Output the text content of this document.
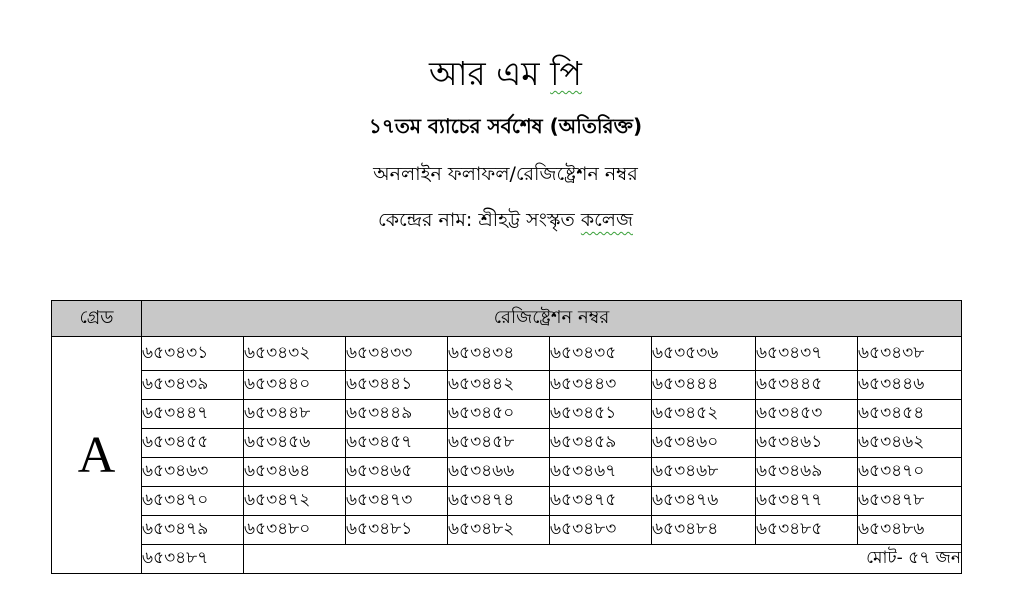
আর এম পি
১৭তম ব্যাচের সর্বশেষ (অতিরিক্ত)
অনলাইন ফলাফল/রেজিষ্ট্রেশন নম্বর
কেন্দ্রের নাম: শ্রীহট্ট সংস্কৃত কলেজ
গ্রেড	রেজিষ্ট্রেশন নম্বর							
A	৬৫৩৪৩১	৬৫৩৪৩২	৬৫৩৪৩৩	৬৫৩৪৩৪	৬৫৩৪৩৫	৬৫৩৫৩৬	৬৫৩৪৩৭	৬৫৩৪৩৮
	৬৫৩৪৩৯	৬৫৩৪৪০	৬৫৩৪৪১	৬৫৩৪৪২	৬৫৩৪৪৩	৬৫৩৪৪৪	৬৫৩৪৪৫	৬৫৩৪৪৬
	৬৫৩৪৪৭	৬৫৩৪৪৮	৬৫৩৪৪৯	৬৫৩৪৫০	৬৫৩৪৫১	৬৫৩৪৫২	৬৫৩৪৫৩	৬৫৩৪৫৪
	৬৫৩৪৫৫	৬৫৩৪৫৬	৬৫৩৪৫৭	৬৫৩৪৫৮	৬৫৩৪৫৯	৬৫৩৪৬০	৬৫৩৪৬১	৬৫৩৪৬২
	৬৫৩৪৬৩	৬৫৩৪৬৪	৬৫৩৪৬৫	৬৫৩৪৬৬	৬৫৩৪৬৭	৬৫৩৪৬৮	৬৫৩৪৬৯	৬৫৩৪৭০
	৬৫৩৪৭০	৬৫৩৪৭২	৬৫৩৪৭৩	৬৫৩৪৭৪	৬৫৩৪৭৫	৬৫৩৪৭৬	৬৫৩৪৭৭	৬৫৩৪৭৮
	৬৫৩৪৭৯	৬৫৩৪৮০	৬৫৩৪৮১	৬৫৩৪৮২	৬৫৩৪৮৩	৬৫৩৪৮৪	৬৫৩৪৮৫	৬৫৩৪৮৬
	৬৫৩৪৮৭	মোট- ৫৭ জন						
